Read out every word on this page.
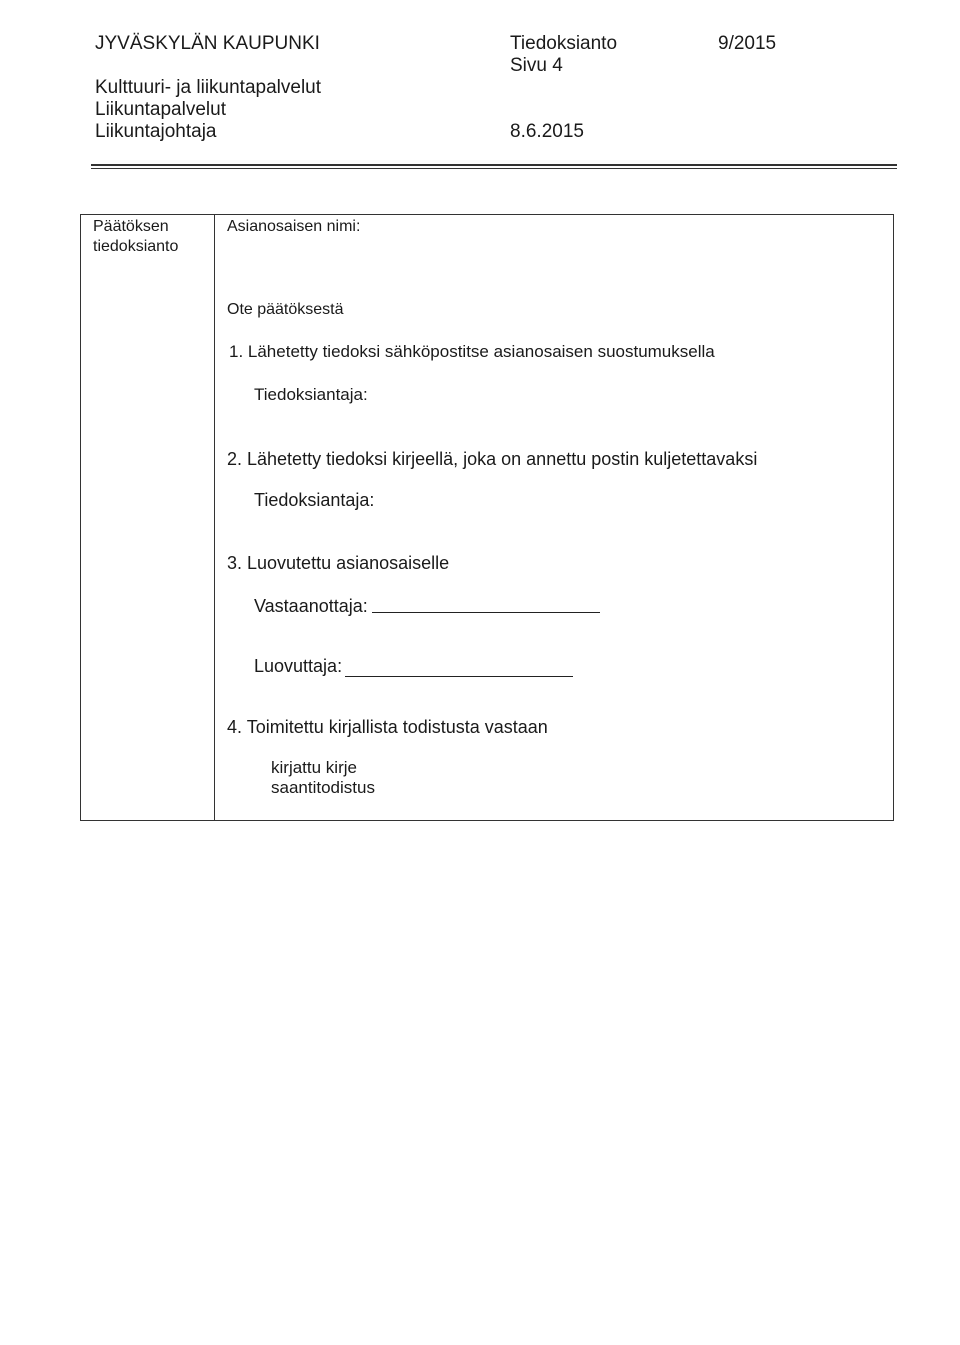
JYVÄSKYLÄN KAUPUNKI	Tiedoksianto	9/2015
Sivu 4
Kulttuuri- ja liikuntapalvelut
Liikuntapalvelut
Liikuntajohtaja	8.6.2015
Päätöksen
tiedoksianto
Asianosaisen nimi:
Ote päätöksestä
1. Lähetetty tiedoksi sähköpostitse asianosaisen suostumuksella
Tiedoksiantaja:
2. Lähetetty tiedoksi kirjeellä, joka on annettu postin kuljetettavaksi
Tiedoksiantaja:
3. Luovutettu asianosaiselle
Vastaanottaja:
Luovuttaja:
4. Toimitettu kirjallista todistusta vastaan
kirjattu kirje
saantitodistus
